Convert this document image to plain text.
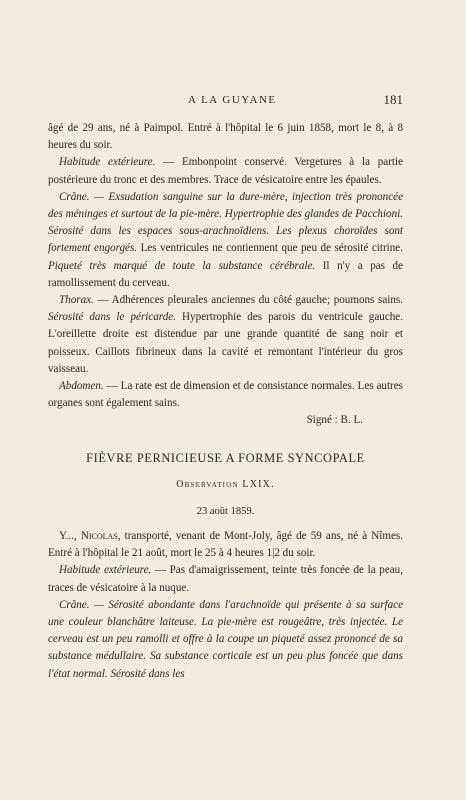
A LA GUYANE	181

âgé de 29 ans, né à Paimpol. Entré à l'hôpital le 6 juin 1858, mort le 8, à 8 heures du soir.

Habitude extérieure. — Embonpoint conservé. Vergetures à la partie postérieure du tronc et des membres. Trace de vésicatoire entre les épaules.

Crâne. — Exsudation sanguine sur la dure-mère, injection très prononcée des méninges et surtout de la pie-mère. Hypertrophie des glandes de Pacchioni. Sérosité dans les espaces sous-arachnoïdiens. Les plexus choroïdes sont fortement engorgés. Les ventricules ne contiennent que peu de sérosité citrine. Piqueté très marqué de toute la substance cérébrale. Il n'y a pas de ramollissement du cerveau.

Thorax. — Adhérences pleurales anciennes du côté gauche; poumons sains. Sérosité dans le péricarde. Hypertrophie des parois du ventricule gauche. L'oreillette droite est distendue par une grande quantité de sang noir et poisseux. Caillots fibrineux dans la cavité et remontant l'intérieur du gros vaisseau.

Abdomen. — La rate est de dimension et de consistance normales. Les autres organes sont également sains.

Signé : B. L.

FIÈVRE PERNICIEUSE A FORME SYNCOPALE

Observation LXIX.

23 août 1859.

Y..., Nicolas, transporté, venant de Mont-Joly, âgé de 59 ans, né à Nîmes. Entré à l'hôpital le 21 août, mort le 25 à 4 heures 1|2 du soir.

Habitude extérieure. — Pas d'amaigrissement, teinte très foncée de la peau, traces de vésicatoire à la nuque.

Crâne. — Sérosité abondante dans l'arachnoïde qui présente à sa surface une couleur blanchâtre laiteuse. La pie-mère est rougeâtre, très injectée. Le cerveau est un peu ramolli et offre à la coupe un piqueté assez prononcé de sa substance médullaire. Sa substance corticale est un peu plus foncée que dans l'état normal. Sérosité dans les
